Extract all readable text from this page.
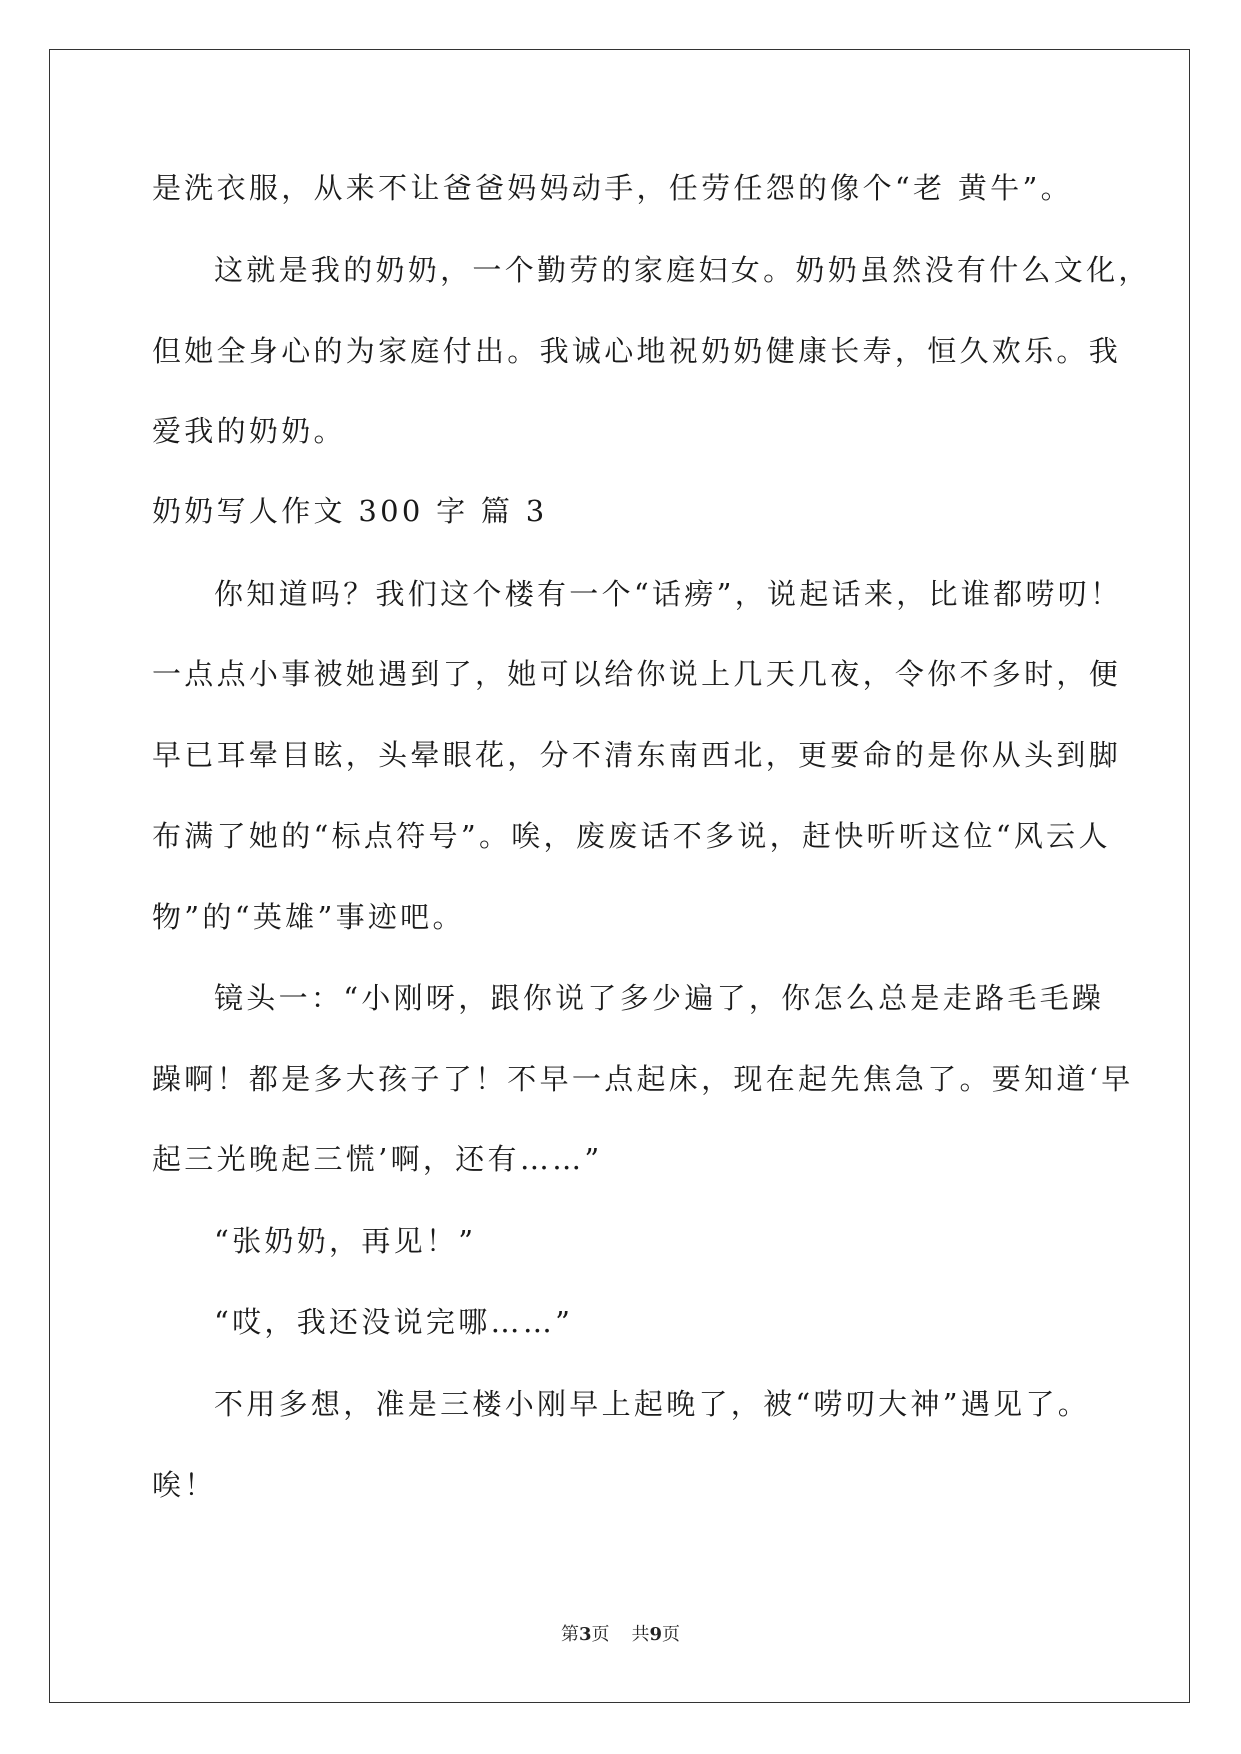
是洗衣服，从来不让爸爸妈妈动手，任劳任怨的像个“老 黄牛”。
这就是我的奶奶，一个勤劳的家庭妇女。奶奶虽然没有什么文化，
但她全身心的为家庭付出。我诚心地祝奶奶健康长寿，恒久欢乐。我
爱我的奶奶。
奶奶写人作文 300 字 篇 3
你知道吗？我们这个楼有一个“话痨”，说起话来，比谁都唠叨！
一点点小事被她遇到了，她可以给你说上几天几夜，令你不多时，便
早已耳晕目眩，头晕眼花，分不清东南西北，更要命的是你从头到脚
布满了她的“标点符号”。唉，废废话不多说，赶快听听这位“风云人
物”的“英雄”事迹吧。
镜头一：“小刚呀，跟你说了多少遍了，你怎么总是走路毛毛躁
躁啊！都是多大孩子了！不早一点起床，现在起先焦急了。要知道‘早
起三光晚起三慌’啊，还有……”
“张奶奶，再见！”
“哎，我还没说完哪……”
不用多想，准是三楼小刚早上起晚了，被“唠叨大神”遇见了。
唉！
第3页 共9页
